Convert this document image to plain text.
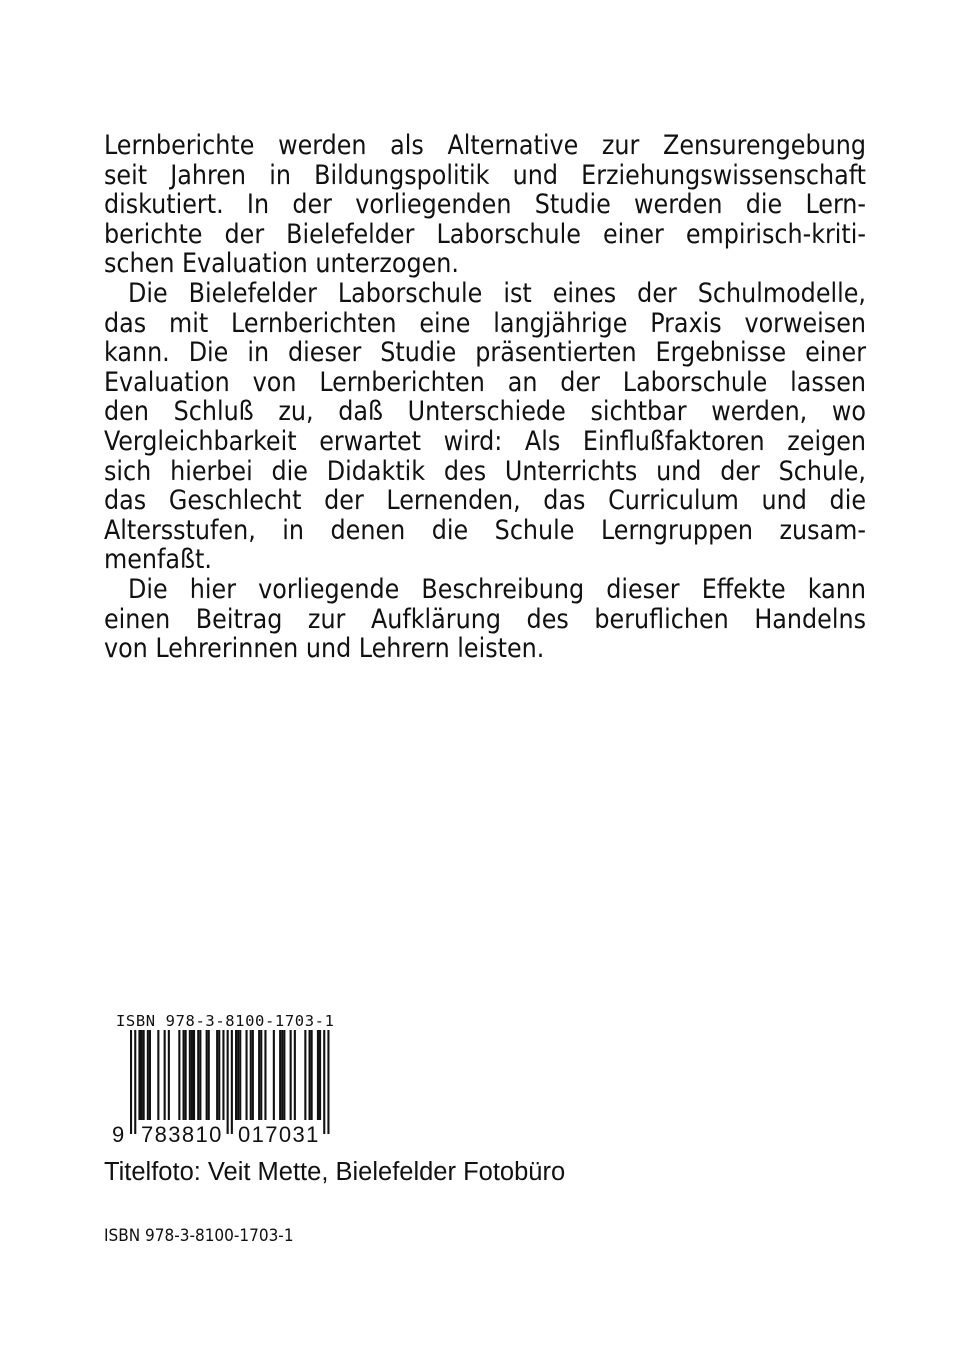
Lernberichte werden als Alternative zur Zensurengebung
seit Jahren in Bildungspolitik und Erziehungswissenschaft
diskutiert. In der vorliegenden Studie werden die Lern-
berichte der Bielefelder Laborschule einer empirisch-kriti-
schen Evaluation unterzogen.
Die Bielefelder Laborschule ist eines der Schulmodelle,
das mit Lernberichten eine langjährige Praxis vorweisen
kann. Die in dieser Studie präsentierten Ergebnisse einer
Evaluation von Lernberichten an der Laborschule lassen
den Schluß zu, daß Unterschiede sichtbar werden, wo
Vergleichbarkeit erwartet wird: Als Einflußfaktoren zeigen
sich hierbei die Didaktik des Unterrichts und der Schule,
das Geschlecht der Lernenden, das Curriculum und die
Altersstufen, in denen die Schule Lerngruppen zusam-
menfaßt.
Die hier vorliegende Beschreibung dieser Effekte kann
einen Beitrag zur Aufklärung des beruflichen Handelns
von Lehrerinnen und Lehrern leisten.
ISBN 978-3-8100-1703-1
9 783810 017031
Titelfoto: Veit Mette, Bielefelder Fotobüro
ISBN 978-3-8100-1703-1
